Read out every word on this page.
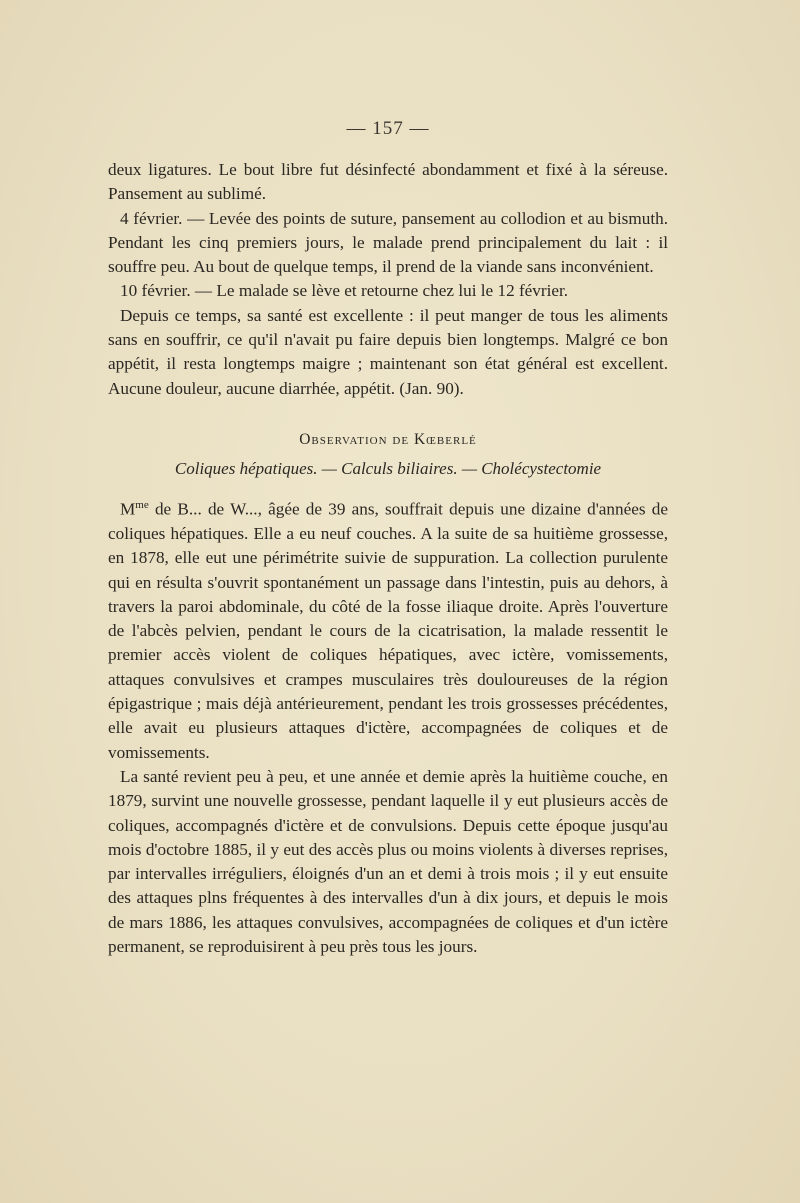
— 157 —

deux ligatures. Le bout libre fut désinfecté abondamment et fixé à la séreuse. Pansement au sublimé.

4 février. — Levée des points de suture, pansement au collodion et au bismuth. Pendant les cinq premiers jours, le malade prend principalement du lait : il souffre peu. Au bout de quelque temps, il prend de la viande sans inconvénient.

10 février. — Le malade se lève et retourne chez lui le 12 février.

Depuis ce temps, sa santé est excellente : il peut manger de tous les aliments sans en souffrir, ce qu'il n'avait pu faire depuis bien longtemps. Malgré ce bon appétit, il resta longtemps maigre ; maintenant son état général est excellent. Aucune douleur, aucune diarrhée, appétit. (Jan. 90).

Observation de Kœberlé
Coliques hépatiques. — Calculs biliaires. — Cholécystectomie

$M^{me}$ de B... de W..., âgée de 39 ans, souffrait depuis une dizaine d'années de coliques hépatiques. Elle a eu neuf couches. A la suite de sa huitième grossesse, en 1878, elle eut une périmétrite suivie de suppuration. La collection purulente qui en résulta s'ouvrit spontanément un passage dans l'intestin, puis au dehors, à travers la paroi abdominale, du côté de la fosse iliaque droite. Après l'ouverture de l'abcès pelvien, pendant le cours de la cicatrisation, la malade ressentit le premier accès violent de coliques hépatiques, avec ictère, vomissements, attaques convulsives et crampes musculaires très douloureuses de la région épigastrique ; mais déjà antérieurement, pendant les trois grossesses précédentes, elle avait eu plusieurs attaques d'ictère, accompagnées de coliques et de vomissements.

La santé revient peu à peu, et une année et demie après la huitième couche, en 1879, survint une nouvelle grossesse, pendant laquelle il y eut plusieurs accès de coliques, accompagnés d'ictère et de convulsions. Depuis cette époque jusqu'au mois d'octobre 1885, il y eut des accès plus ou moins violents à diverses reprises, par intervalles irréguliers, éloignés d'un an et demi à trois mois ; il y eut ensuite des attaques plns fréquentes à des intervalles d'un à dix jours, et depuis le mois de mars 1886, les attaques convulsives, accompagnées de coliques et d'un ictère permanent, se reproduisirent à peu près tous les jours.
